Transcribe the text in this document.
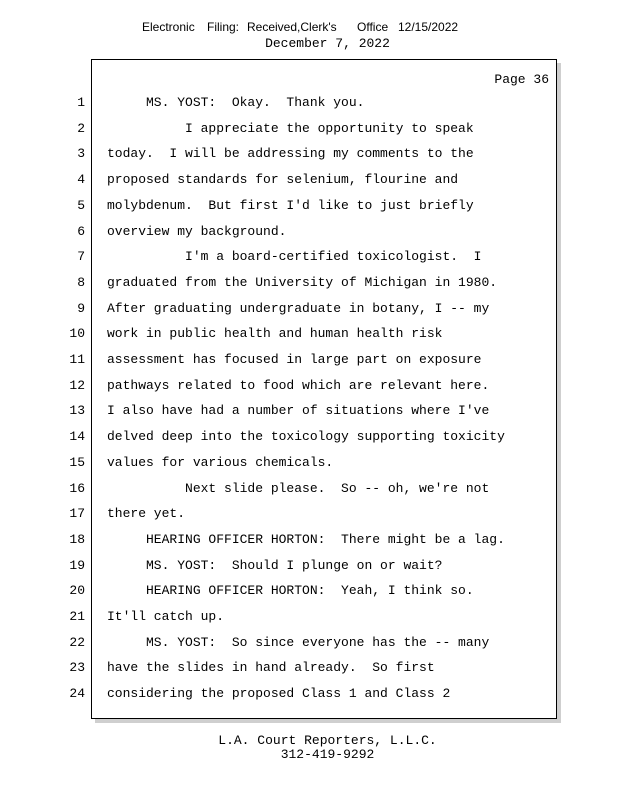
Electronic Filing: Received,Clerk's Office 12/15/2022
December 7, 2022
Page 36
1 MS. YOST:  Okay.  Thank you.
2 I appreciate the opportunity to speak
3 today.  I will be addressing my comments to the
4 proposed standards for selenium, flourine and
5 molybdenum.  But first I'd like to just briefly
6 overview my background.
7 I'm a board-certified toxicologist.  I
8 graduated from the University of Michigan in 1980.
9 After graduating undergraduate in botany, I -- my
10 work in public health and human health risk
11 assessment has focused in large part on exposure
12 pathways related to food which are relevant here.
13 I also have had a number of situations where I've
14 delved deep into the toxicology supporting toxicity
15 values for various chemicals.
16 Next slide please.  So -- oh, we're not
17 there yet.
18 HEARING OFFICER HORTON:  There might be a lag.
19 MS. YOST:  Should I plunge on or wait?
20 HEARING OFFICER HORTON:  Yeah, I think so.
21 It'll catch up.
22 MS. YOST:  So since everyone has the -- many
23 have the slides in hand already.  So first
24 considering the proposed Class 1 and Class 2
L.A. Court Reporters, L.L.C.
312-419-9292
